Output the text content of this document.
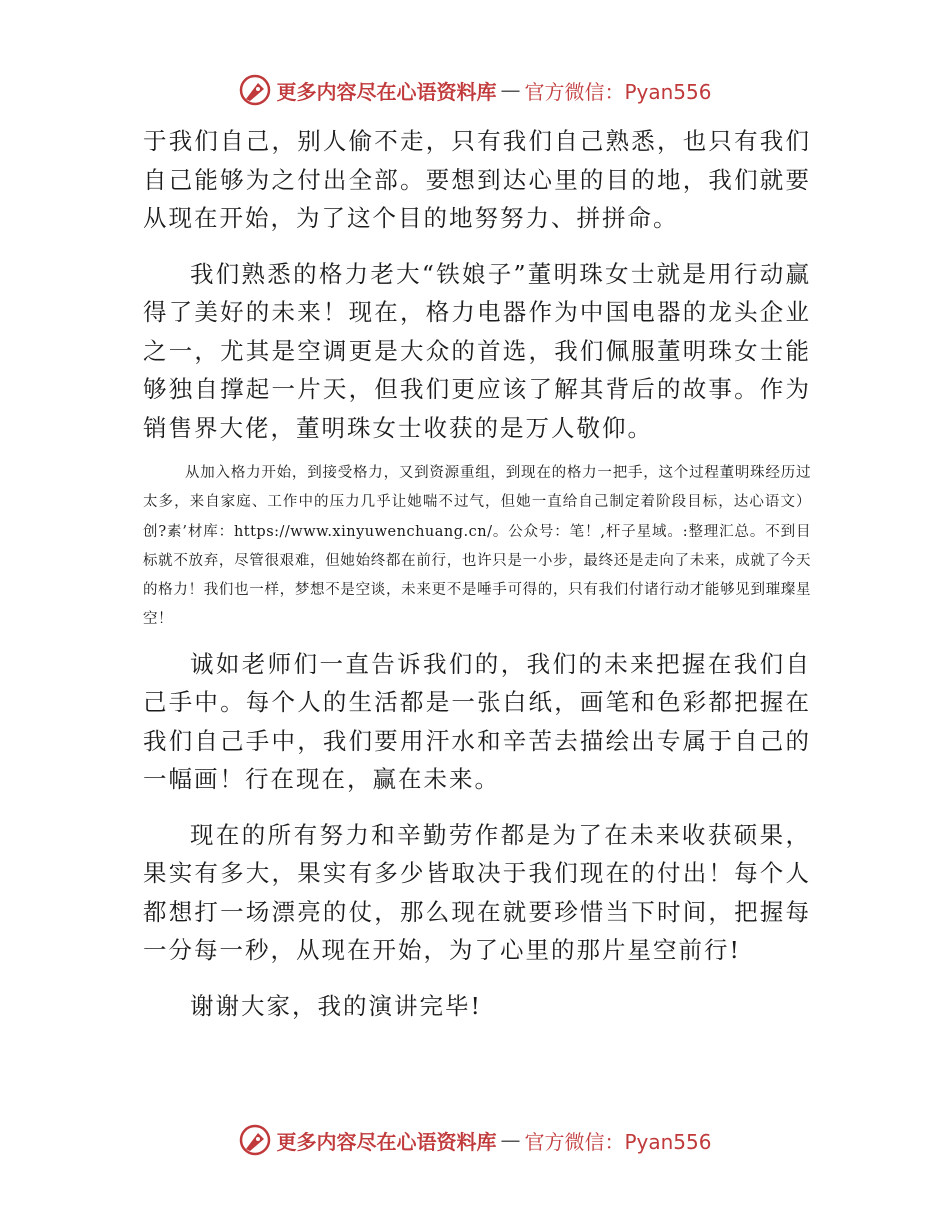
更多内容尽在心语资料库 — 官方微信：Pyan556

于我们自己，别人偷不走，只有我们自己熟悉，也只有我们自己能够为之付出全部。要想到达心里的目的地，我们就要从现在开始，为了这个目的地努努力、拼拼命。

我们熟悉的格力老大“铁娘子”董明珠女士就是用行动赢得了美好的未来！现在，格力电器作为中国电器的龙头企业之一，尤其是空调更是大众的首选，我们佩服董明珠女士能够独自撑起一片天，但我们更应该了解其背后的故事。作为销售界大佬，董明珠女士收获的是万人敬仰。

从加入格力开始，到接受格力，又到资源重组，到现在的格力一把手，这个过程董明珠经历过太多，来自家庭、工作中的压力几乎让她喘不过气，但她一直给自己制定着阶段目标，达心语文）创?素’材库：https://www.xinyuwenchuang.cn/。公众号：笔！,杆子星域。:整理汇总。不到目标就不放弃，尽管很艰难，但她始终都在前行，也许只是一小步，最终还是走向了未来，成就了今天的格力！我们也一样，梦想不是空谈，未来更不是唾手可得的，只有我们付诸行动才能够见到璀璨星空！

诚如老师们一直告诉我们的，我们的未来把握在我们自己手中。每个人的生活都是一张白纸，画笔和色彩都把握在我们自己手中，我们要用汗水和辛苦去描绘出专属于自己的一幅画！行在现在，赢在未来。

现在的所有努力和辛勤劳作都是为了在未来收获硕果，果实有多大，果实有多少皆取决于我们现在的付出！每个人都想打一场漂亮的仗，那么现在就要珍惜当下时间，把握每一分每一秒，从现在开始，为了心里的那片星空前行!

谢谢大家，我的演讲完毕!

更多内容尽在心语资料库 — 官方微信：Pyan556
